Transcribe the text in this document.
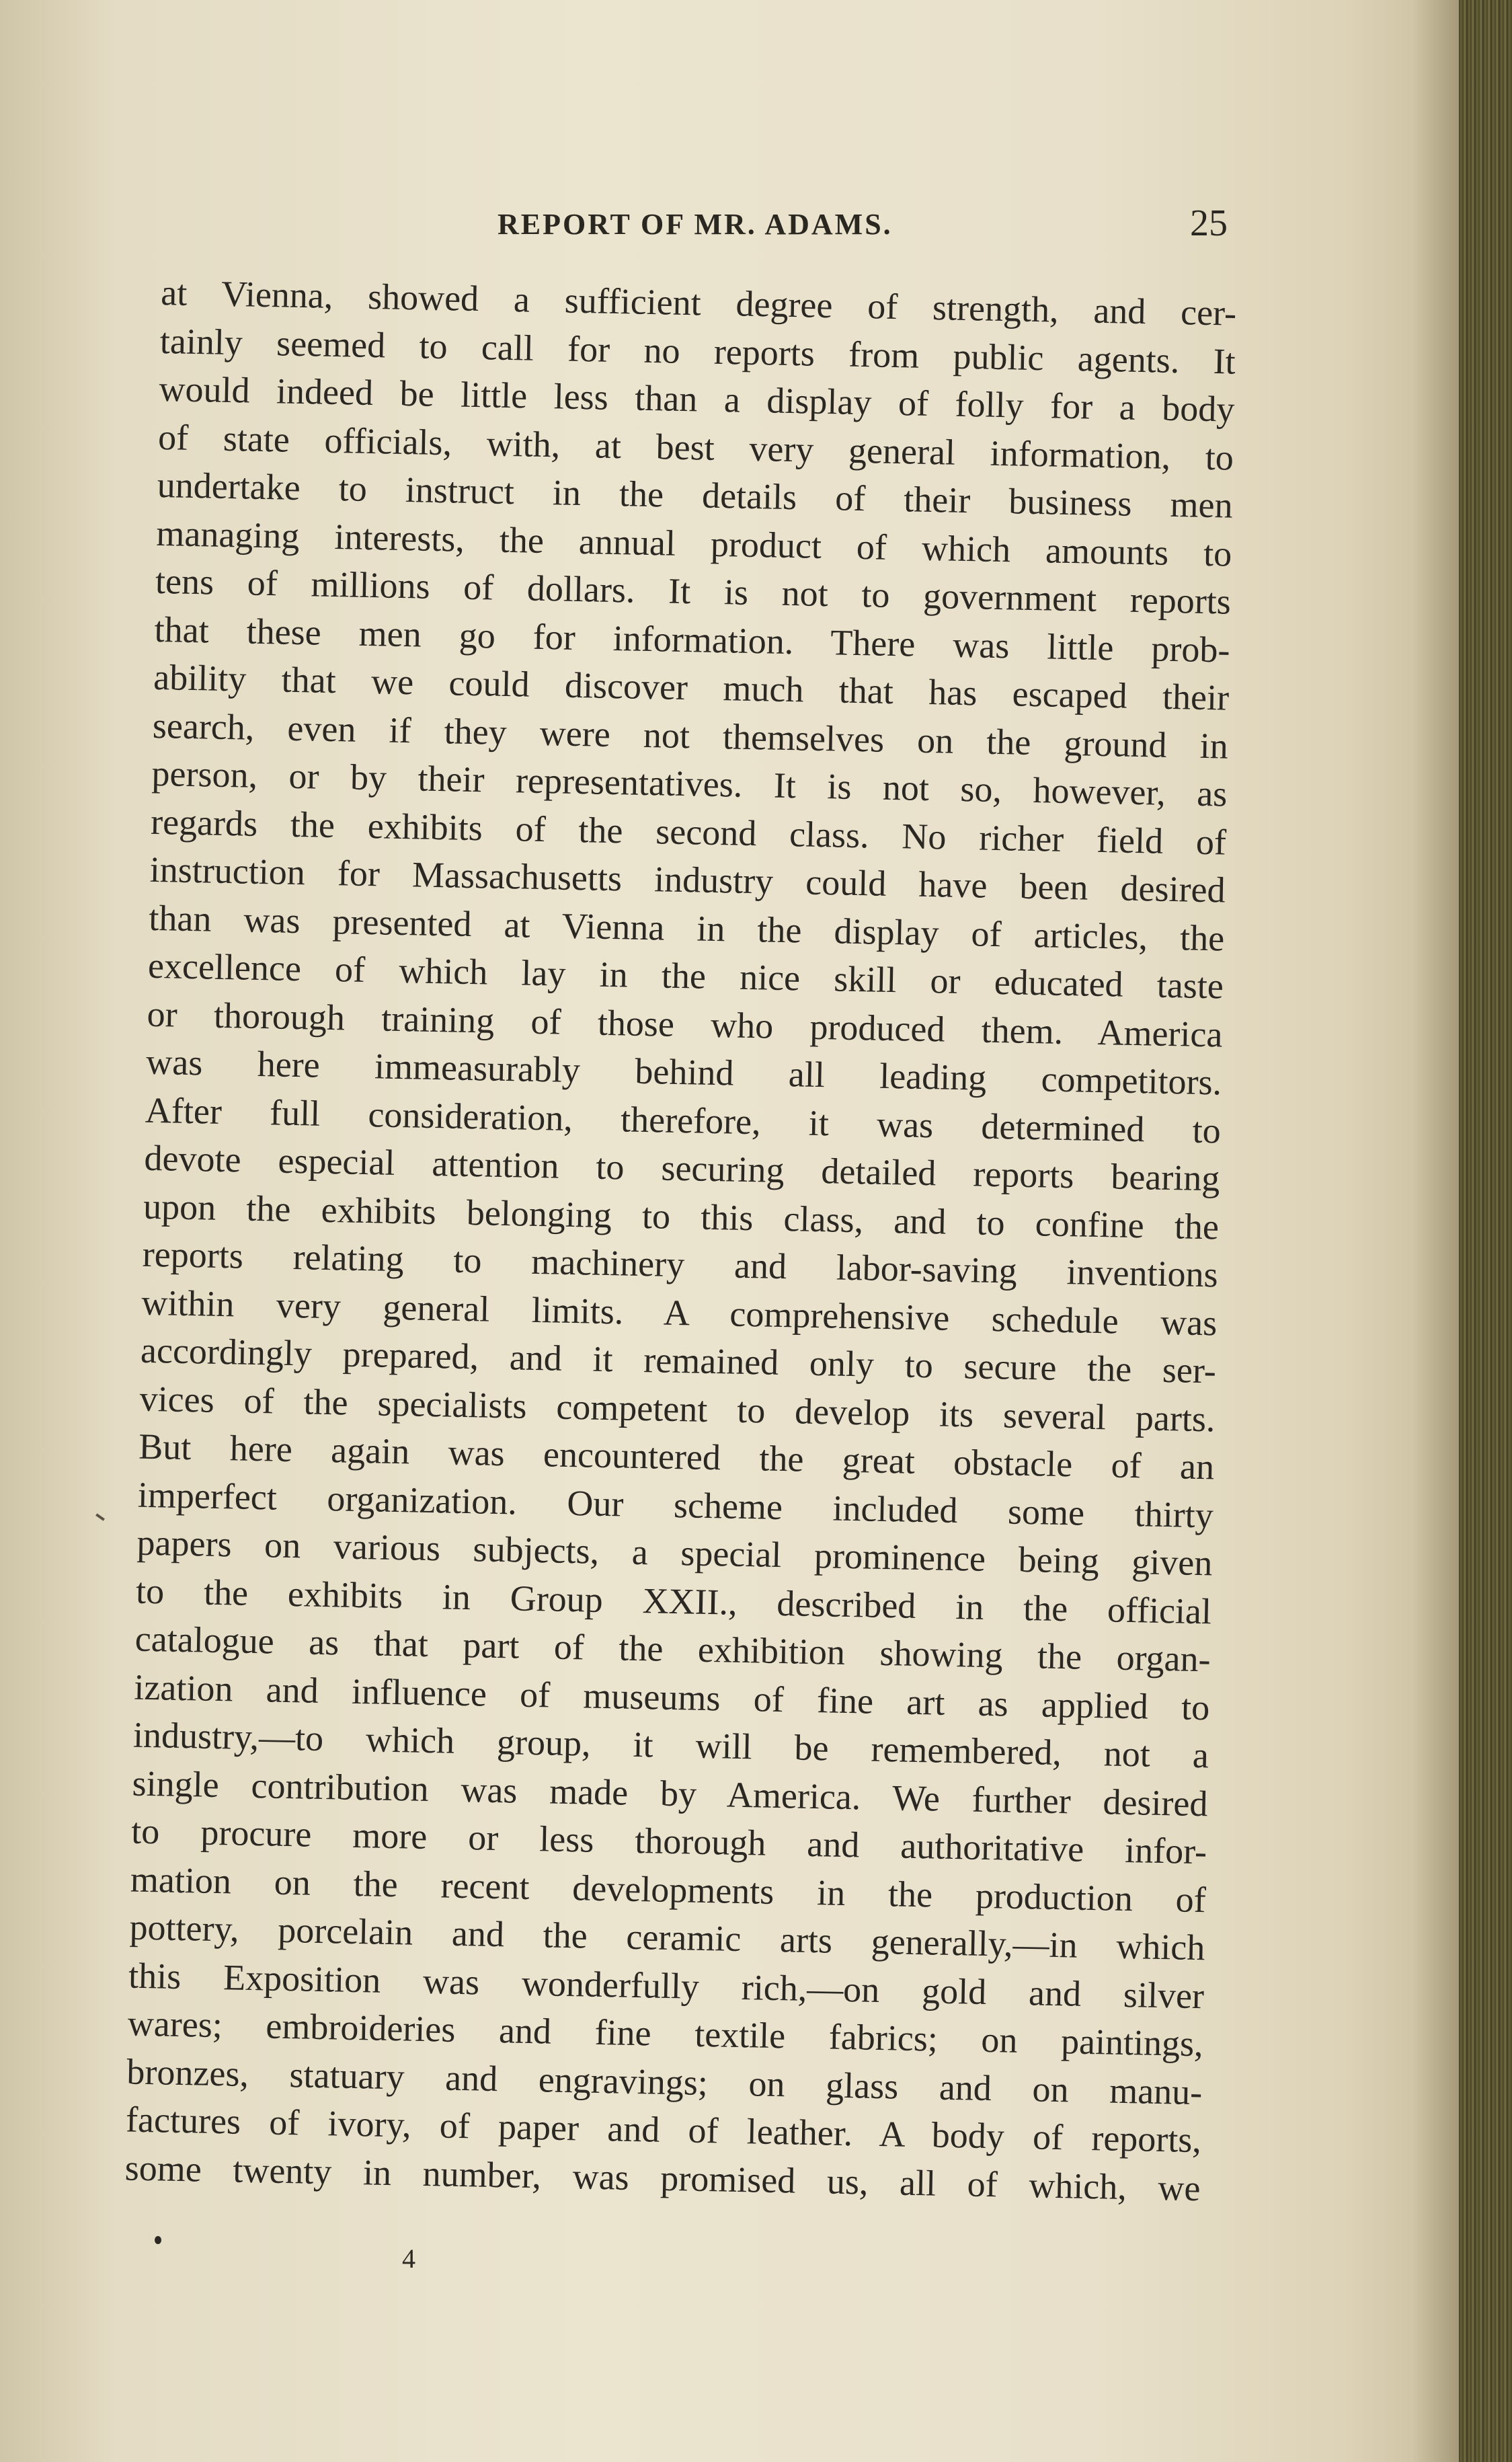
REPORT OF MR. ADAMS.	25
at Vienna, showed a sufficient degree of strength, and cer-
tainly seemed to call for no reports from public agents. It
would indeed be little less than a display of folly for a body
of state officials, with, at best very general information, to
undertake to instruct in the details of their business men
managing interests, the annual product of which amounts to
tens of millions of dollars. It is not to government reports
that these men go for information. There was little prob-
ability that we could discover much that has escaped their
search, even if they were not themselves on the ground in
person, or by their representatives. It is not so, however, as
regards the exhibits of the second class. No richer field of
instruction for Massachusetts industry could have been desired
than was presented at Vienna in the display of articles, the
excellence of which lay in the nice skill or educated taste
or thorough training of those who produced them. America
was here immeasurably behind all leading competitors.
After full consideration, therefore, it was determined to
devote especial attention to securing detailed reports bearing
upon the exhibits belonging to this class, and to confine the
reports relating to machinery and labor-saving inventions
within very general limits. A comprehensive schedule was
accordingly prepared, and it remained only to secure the ser-
vices of the specialists competent to develop its several parts.
But here again was encountered the great obstacle of an
imperfect organization. Our scheme included some thirty
papers on various subjects, a special prominence being given
to the exhibits in Group XXII., described in the official
catalogue as that part of the exhibition showing the organ-
ization and influence of museums of fine art as applied to
industry,—to which group, it will be remembered, not a
single contribution was made by America. We further desired
to procure more or less thorough and authoritative infor-
mation on the recent developments in the production of
pottery, porcelain and the ceramic arts generally,—in which
this Exposition was wonderfully rich,—on gold and silver
wares; embroideries and fine textile fabrics; on paintings,
bronzes, statuary and engravings; on glass and on manu-
factures of ivory, of paper and of leather. A body of reports,
some twenty in number, was promised us, all of which, we
4
